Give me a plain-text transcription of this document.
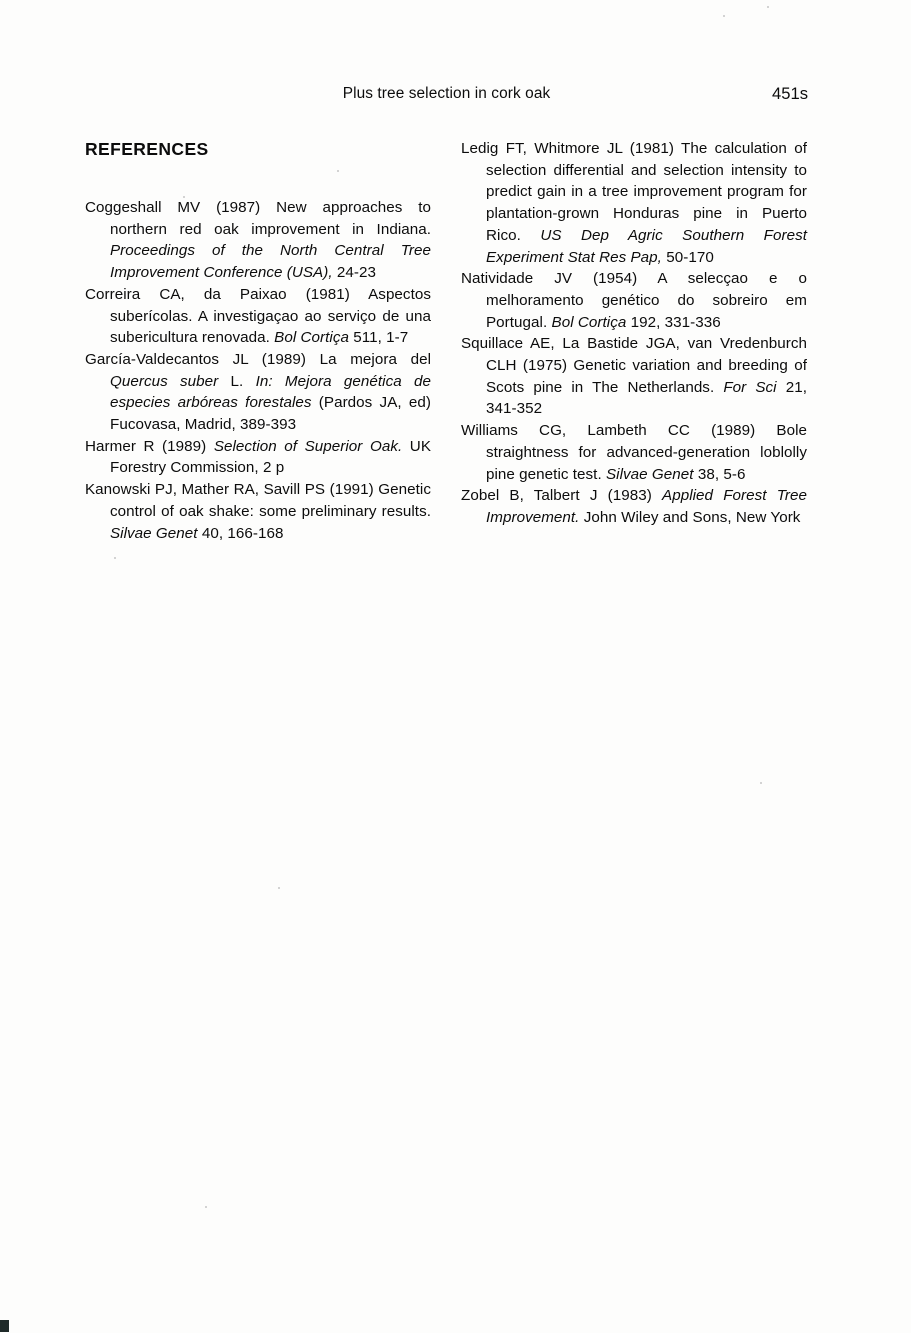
Plus tree selection in cork oak	451s
REFERENCES

Coggeshall MV (1987) New approaches to northern red oak improvement in Indiana. Proceedings of the North Central Tree Improvement Conference (USA), 24-23

Correira CA, da Paixao (1981) Aspectos suberícolas. A investigaçao ao serviço de una subericultura renovada. Bol Cortiça 511, 1-7

García-Valdecantos JL (1989) La mejora del Quercus suber L. In: Mejora genética de especies arbóreas forestales (Pardos JA, ed) Fucovasa, Madrid, 389-393

Harmer R (1989) Selection of Superior Oak. UK Forestry Commission, 2 p

Kanowski PJ, Mather RA, Savill PS (1991) Genetic control of oak shake: some preliminary results. Silvae Genet 40, 166-168

Ledig FT, Whitmore JL (1981) The calculation of selection differential and selection intensity to predict gain in a tree improvement program for plantation-grown Honduras pine in Puerto Rico. US Dep Agric Southern Forest Experiment Stat Res Pap, 50-170

Natividade JV (1954) A selecçao e o melhoramento genético do sobreiro em Portugal. Bol Cortiça 192, 331-336

Squillace AE, La Bastide JGA, van Vredenburch CLH (1975) Genetic variation and breeding of Scots pine in The Netherlands. For Sci 21, 341-352

Williams CG, Lambeth CC (1989) Bole straightness for advanced-generation loblolly pine genetic test. Silvae Genet 38, 5-6

Zobel B, Talbert J (1983) Applied Forest Tree Improvement. John Wiley and Sons, New York
